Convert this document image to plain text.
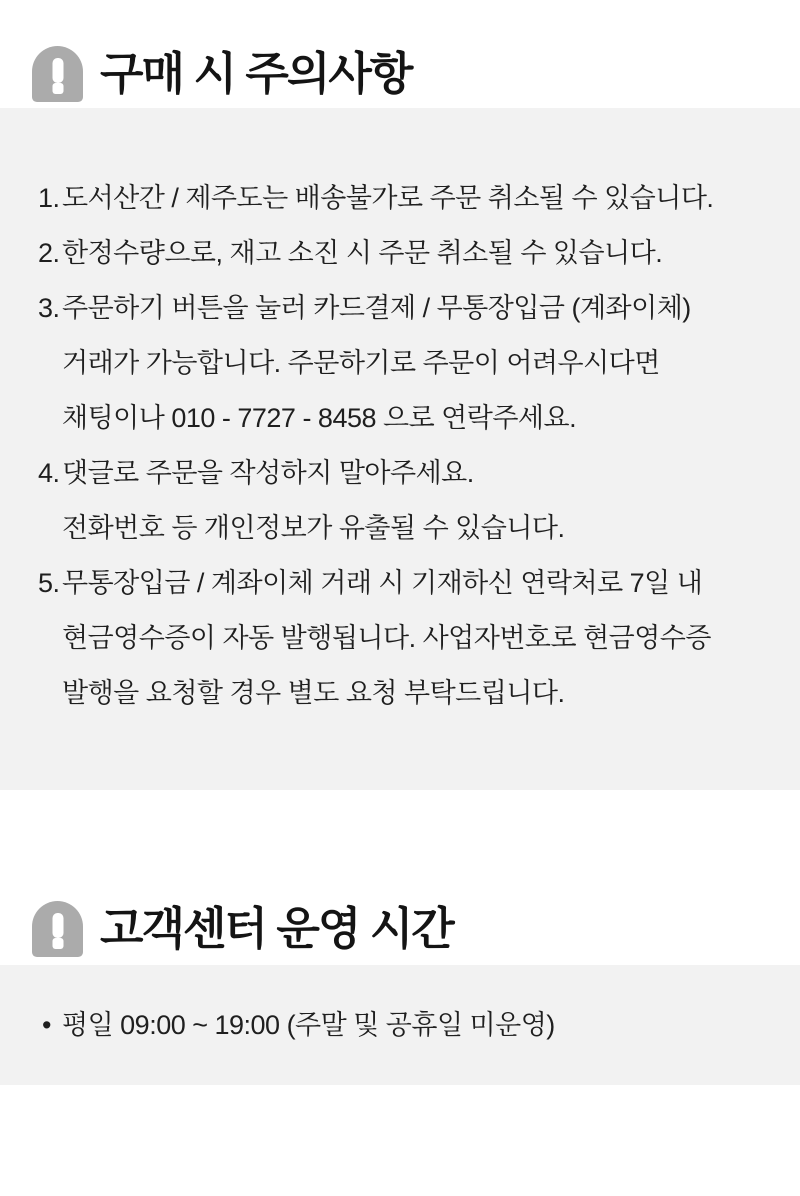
구매 시 주의사항
1. 도서산간 / 제주도는 배송불가로 주문 취소될 수 있습니다.
2. 한정수량으로, 재고 소진 시 주문 취소될 수 있습니다.
3. 주문하기 버튼을 눌러 카드결제 / 무통장입금 (계좌이체)
거래가 가능합니다. 주문하기로 주문이 어려우시다면
채팅이나 010 - 7727 - 8458 으로 연락주세요.
4. 댓글로 주문을 작성하지 말아주세요.
전화번호 등 개인정보가 유출될 수 있습니다.
5. 무통장입금 / 계좌이체 거래 시 기재하신 연락처로 7일 내
현금영수증이 자동 발행됩니다. 사업자번호로 현금영수증
발행을 요청할 경우 별도 요청 부탁드립니다.
고객센터 운영 시간
• 평일 09:00 ~ 19:00 (주말 및 공휴일 미운영)
